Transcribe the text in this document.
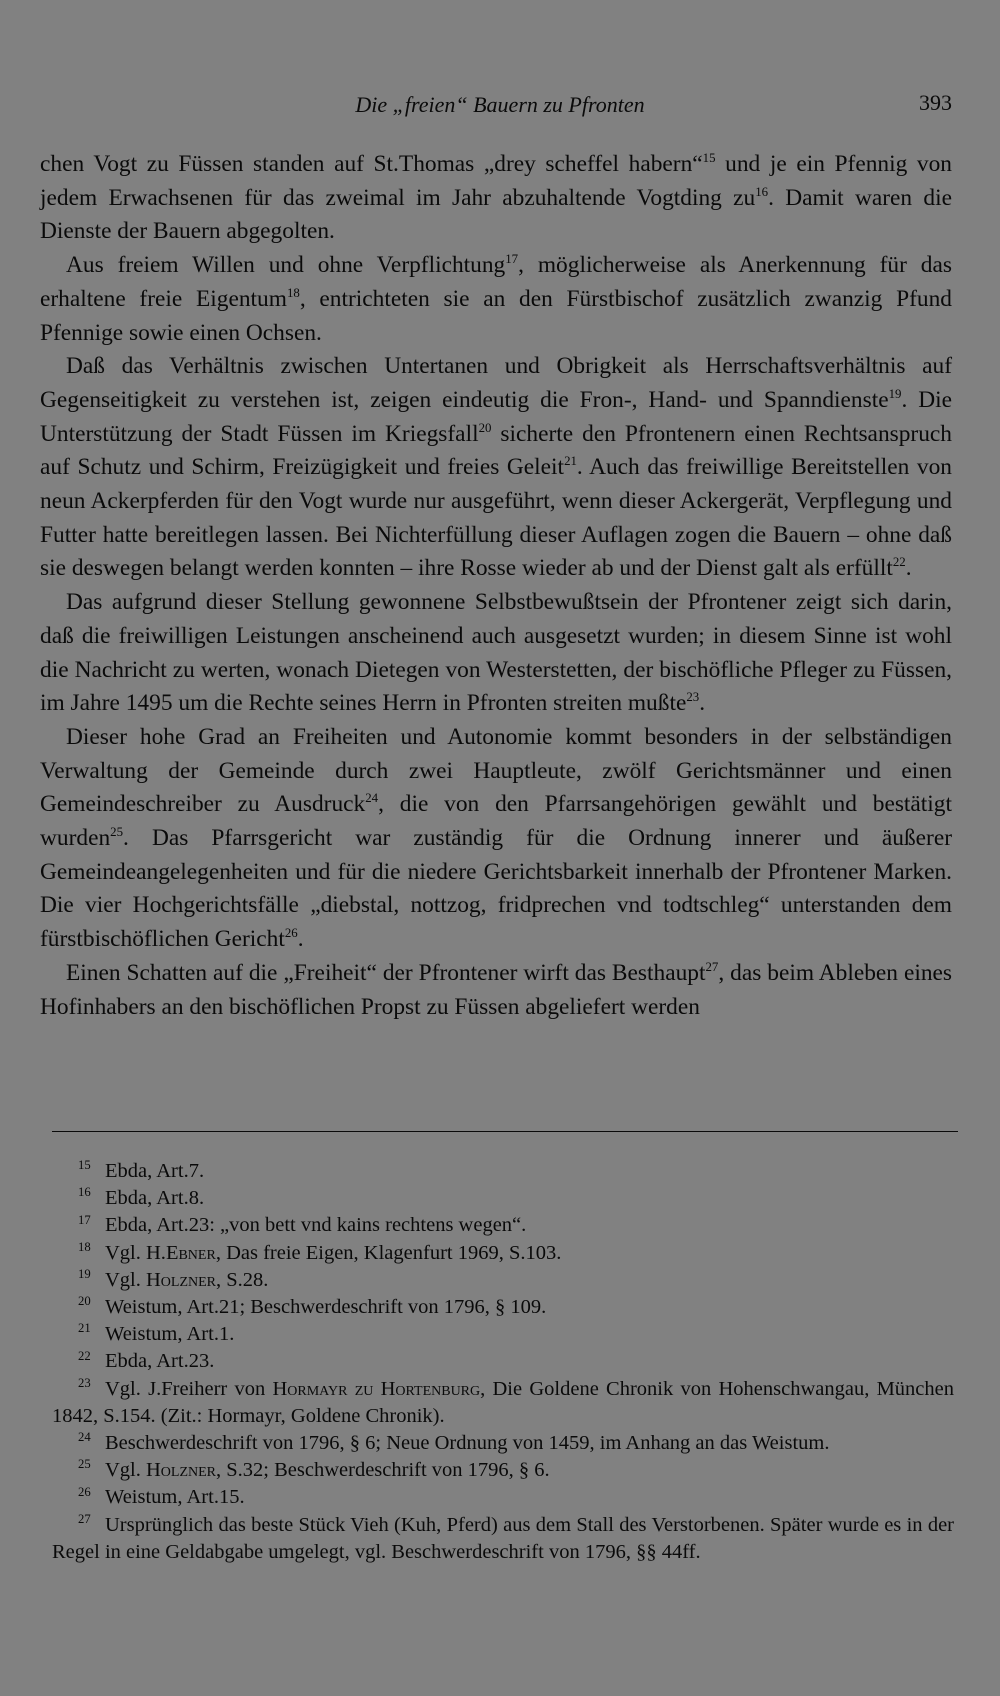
Die „freien“ Bauern zu Pfronten	393

chen Vogt zu Füssen standen auf St.Thomas „drey scheffel habern“$^{15}$ und je ein Pfennig von jedem Erwachsenen für das zweimal im Jahr abzuhaltende Vogtding $zu^{16}$. Damit waren die Dienste der Bauern abgegolten.

Aus freiem Willen und ohne Verpflichtung$^{17}$, möglicherweise als Anerkennung für das erhaltene freie Eigentum$^{18}$, entrichteten sie an den Fürstbischof zusätzlich zwanzig Pfund Pfennige sowie einen Ochsen.

Daß das Verhältnis zwischen Untertanen und Obrigkeit als Herrschaftsverhältnis auf Gegenseitigkeit zu verstehen ist, zeigen eindeutig die Fron-, Hand- und Spanndienste$^{19}$. Die Unterstützung der Stadt Füssen im Kriegsfall$^{20}$ sicherte den Pfrontenern einen Rechtsanspruch auf Schutz und Schirm, Freizügigkeit und freies Geleit$^{21}$. Auch das freiwillige Bereitstellen von neun Ackerpferden für den Vogt wurde nur ausgeführt, wenn dieser Ackergerät, Verpflegung und Futter hatte bereitlegen lassen. Bei Nichterfüllung dieser Auflagen zogen die Bauern – ohne daß sie deswegen belangt werden konnten – ihre Rosse wieder ab und der Dienst galt als erfüllt$^{22}$.

Das aufgrund dieser Stellung gewonnene Selbstbewußtsein der Pfrontener zeigt sich darin, daß die freiwilligen Leistungen anscheinend auch ausgesetzt wurden; in diesem Sinne ist wohl die Nachricht zu werten, wonach Dietegen von Westerstetten, der bischöfliche Pfleger zu Füssen, im Jahre 1495 um die Rechte seines Herrn in Pfronten streiten mußte$^{23}$.

Dieser hohe Grad an Freiheiten und Autonomie kommt besonders in der selbständigen Verwaltung der Gemeinde durch zwei Hauptleute, zwölf Gerichtsmänner und einen Gemeindeschreiber zu Ausdruck$^{24}$, die von den Pfarrsangehörigen gewählt und bestätigt wurden$^{25}$. Das Pfarrsgericht war zuständig für die Ordnung innerer und äußerer Gemeindeangelegenheiten und für die niedere Gerichtsbarkeit innerhalb der Pfrontener Marken. Die vier Hochgerichtsfälle „diebstal, nottzog, fridprechen vnd todtschleg“ unterstanden dem fürstbischöflichen Gericht$^{26}$.

Einen Schatten auf die „Freiheit“ der Pfrontener wirft das Besthaupt$^{27}$, das beim Ableben eines Hofinhabers an den bischöflichen Propst zu Füssen abgeliefert werden

15 Ebda, Art.7.
16 Ebda, Art.8.
17 Ebda, Art.23: „von bett vnd kains rechtens wegen“.
18 Vgl. H.Ebner, Das freie Eigen, Klagenfurt 1969, S.103.
19 Vgl. Holzner, S.28.
20 Weistum, Art.21; Beschwerdeschrift von 1796, § 109.
21 Weistum, Art.1.
22 Ebda, Art.23.
23 Vgl. J.Freiherr von Hormayr zu Hortenburg, Die Goldene Chronik von Hohenschwangau, München 1842, S.154. (Zit.: Hormayr, Goldene Chronik).
24 Beschwerdeschrift von 1796, § 6; Neue Ordnung von 1459, im Anhang an das Weistum.
25 Vgl. Holzner, S.32; Beschwerdeschrift von 1796, § 6.
26 Weistum, Art.15.
27 Ursprünglich das beste Stück Vieh (Kuh, Pferd) aus dem Stall des Verstorbenen. Später wurde es in der Regel in eine Geldabgabe umgelegt, vgl. Beschwerdeschrift von 1796, §§ 44ff.
